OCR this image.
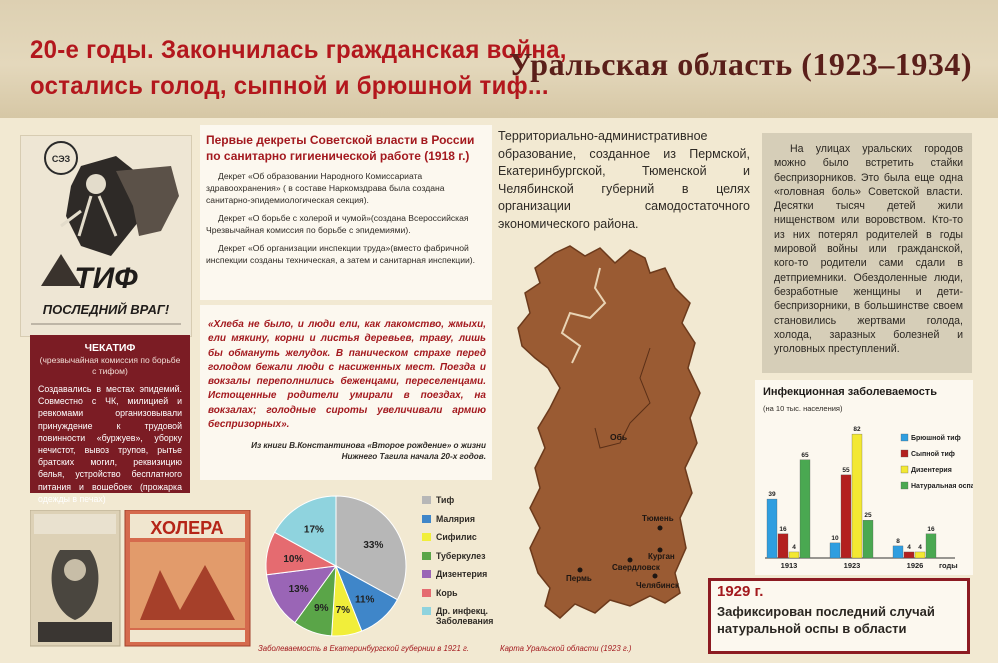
20-е годы. Закончилась гражданская война,
остались голод, сыпной и брюшной тиф...
Уральская область (1923–1934)
СЭЗ
ТИФ
ПОСЛЕДНИЙ ВРАГ!
ЧЕКАТИФ
(чрезвычайная комиссия по борьбе с тифом)
Создавались в местах эпидемий. Совместно с ЧК, милицией и ревкомами организовывали принуждение к трудовой повинности «буржуев», уборку нечистот, вывоз трупов, рытье братских могил, реквизицию белья, устройство бесплатного питания и вошебоек (прожарка одежды в печах)
Первые декреты Советской власти в России по санитарно гигиенической работе (1918 г.)

Декрет «Об образовании Народного Комиссариата здравоохранения» ( в составе Наркомздрава была создана санитарно-эпидемиологическая секция).

Декрет «О борьбе с холерой и чумой»(создана Всероссийская Чрезвычайная комиссия по борьбе с эпидемиями).

Декрет «Об организации инспекции труда»(вместо фабричной инспекции созданы техническая, а затем и санитарная инспекции).

«Хлеба не было, и люди ели, как лакомство, жмыхи, ели мякину, корни и листья деревьев, траву, лишь бы обмануть желудок. В паническом страхе перед голодом бежали люди с насиженных мест. Поезда и вокзалы переполнились беженцами, переселенцами. Истощенные родители умирали в поездах, на вокзалах; голодные сироты увеличивали армию беспризорных».
Из книги В.Константинова «Второе рождение» о жизни Нижнего Тагила начала 20-х годов.
Территориально-административное образование, созданное из Пермской, Екатеринбургской, Тюменской и Челябинской губерний в целях организации самодостаточного экономического района.
Обь
Тюмень
Курган
Свердловск
Пермь
Челябинск
Карта Уральской области (1923 г.)
На улицах уральских городов можно было встретить стайки беспризорников. Это была еще одна «головная боль» Советской власти. Десятки тысяч детей жили нищенством или воровством. Кто-то из них потерял родителей в годы мировой войны или гражданской, кого-то родители сами сдали в детприемники. Обездоленные люди, безработные женщины и дети-беспризорники, в большинстве своем становились жертвами голода, холода, заразных болезней и уголовных преступлений.
Инфекционная заболеваемость
(на 10 тыс. населения)
39
16
4
65
1913
10
55
82
25
1923
8
4 4
16
1926 годы
Брюшной тиф
Сыпной тиф
Дизентерия
Натуральная оспа
33%
11%
7%
9%
13%
10%
17%
Тиф
Малярия
Сифилис
Туберкулез
Дизентерия
Корь
Др. инфекц. Заболевания
Заболеваемость в Екатеринбургской губернии в 1921 г.
ХОЛЕРА
1929 г.
Зафиксирован последний случай натуральной оспы в области
